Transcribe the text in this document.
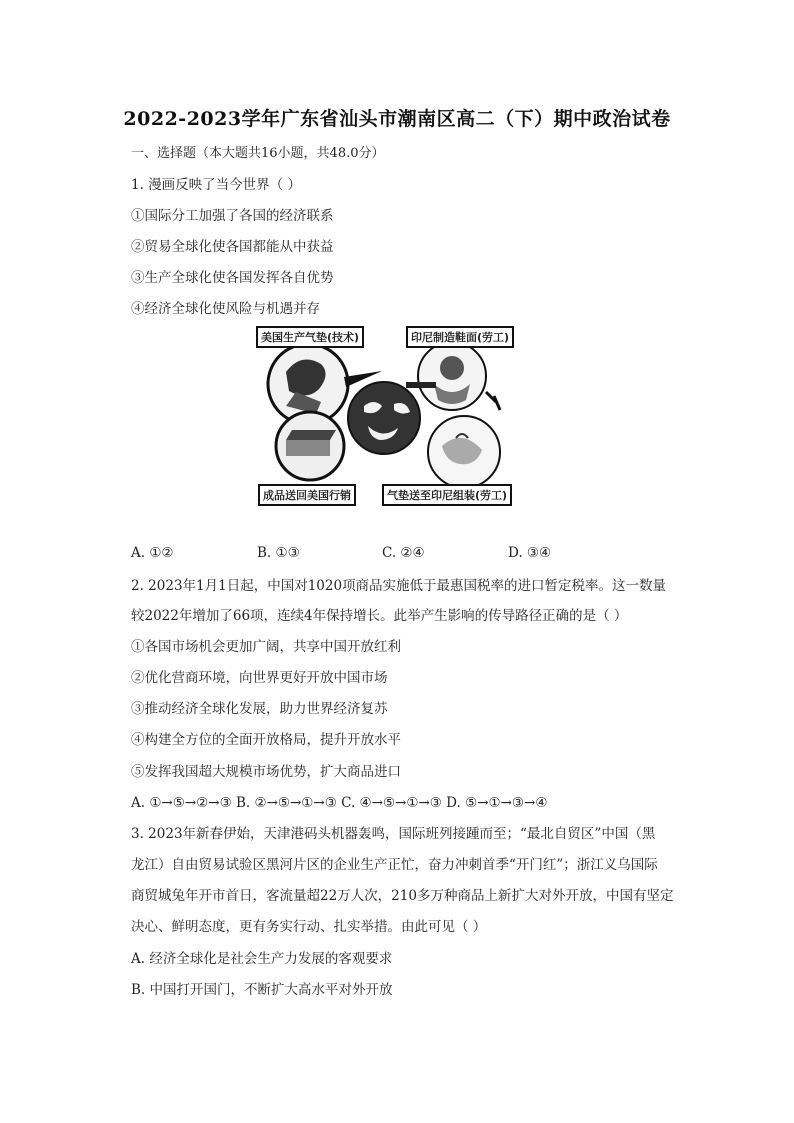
2022-2023学年广东省汕头市潮南区高二（下）期中政治试卷
一、选择题（本大题共16小题，共48.0分）
1. 漫画反映了当今世界（ ）
①国际分工加强了各国的经济联系
②贸易全球化使各国都能从中获益
③生产全球化使各国发挥各自优势
④经济全球化使风险与机遇并存
美国生产气垫(技术)	印尼制造鞋面(劳工)
成品送回美国行销	气垫送至印尼组装(劳工)
A. ①②	B. ①③	C. ②④	D. ③④
2. 2023年1月1日起，中国对1020项商品实施低于最惠国税率的进口暂定税率。这一数量
较2022年增加了66项，连续4年保持增长。此举产生影响的传导路径正确的是（ ）
①各国市场机会更加广阔，共享中国开放红利
②优化营商环境，向世界更好开放中国市场
③推动经济全球化发展，助力世界经济复苏
④构建全方位的全面开放格局，提升开放水平
⑤发挥我国超大规模市场优势，扩大商品进口
A. ①→⑤→②→③ B. ②→⑤→①→③ C. ④→⑤→①→③ D. ⑤→①→③→④
3. 2023年新春伊始，天津港码头机器轰鸣，国际班列接踵而至；“最北自贸区”中国（黑
龙江）自由贸易试验区黑河片区的企业生产正忙，奋力冲刺首季“开门红”；浙江义乌国际
商贸城兔年开市首日，客流量超22万人次，210多万种商品上新扩大对外开放，中国有坚定
决心、鲜明态度，更有务实行动、扎实举措。由此可见（ ）
A. 经济全球化是社会生产力发展的客观要求
B. 中国打开国门，不断扩大高水平对外开放
